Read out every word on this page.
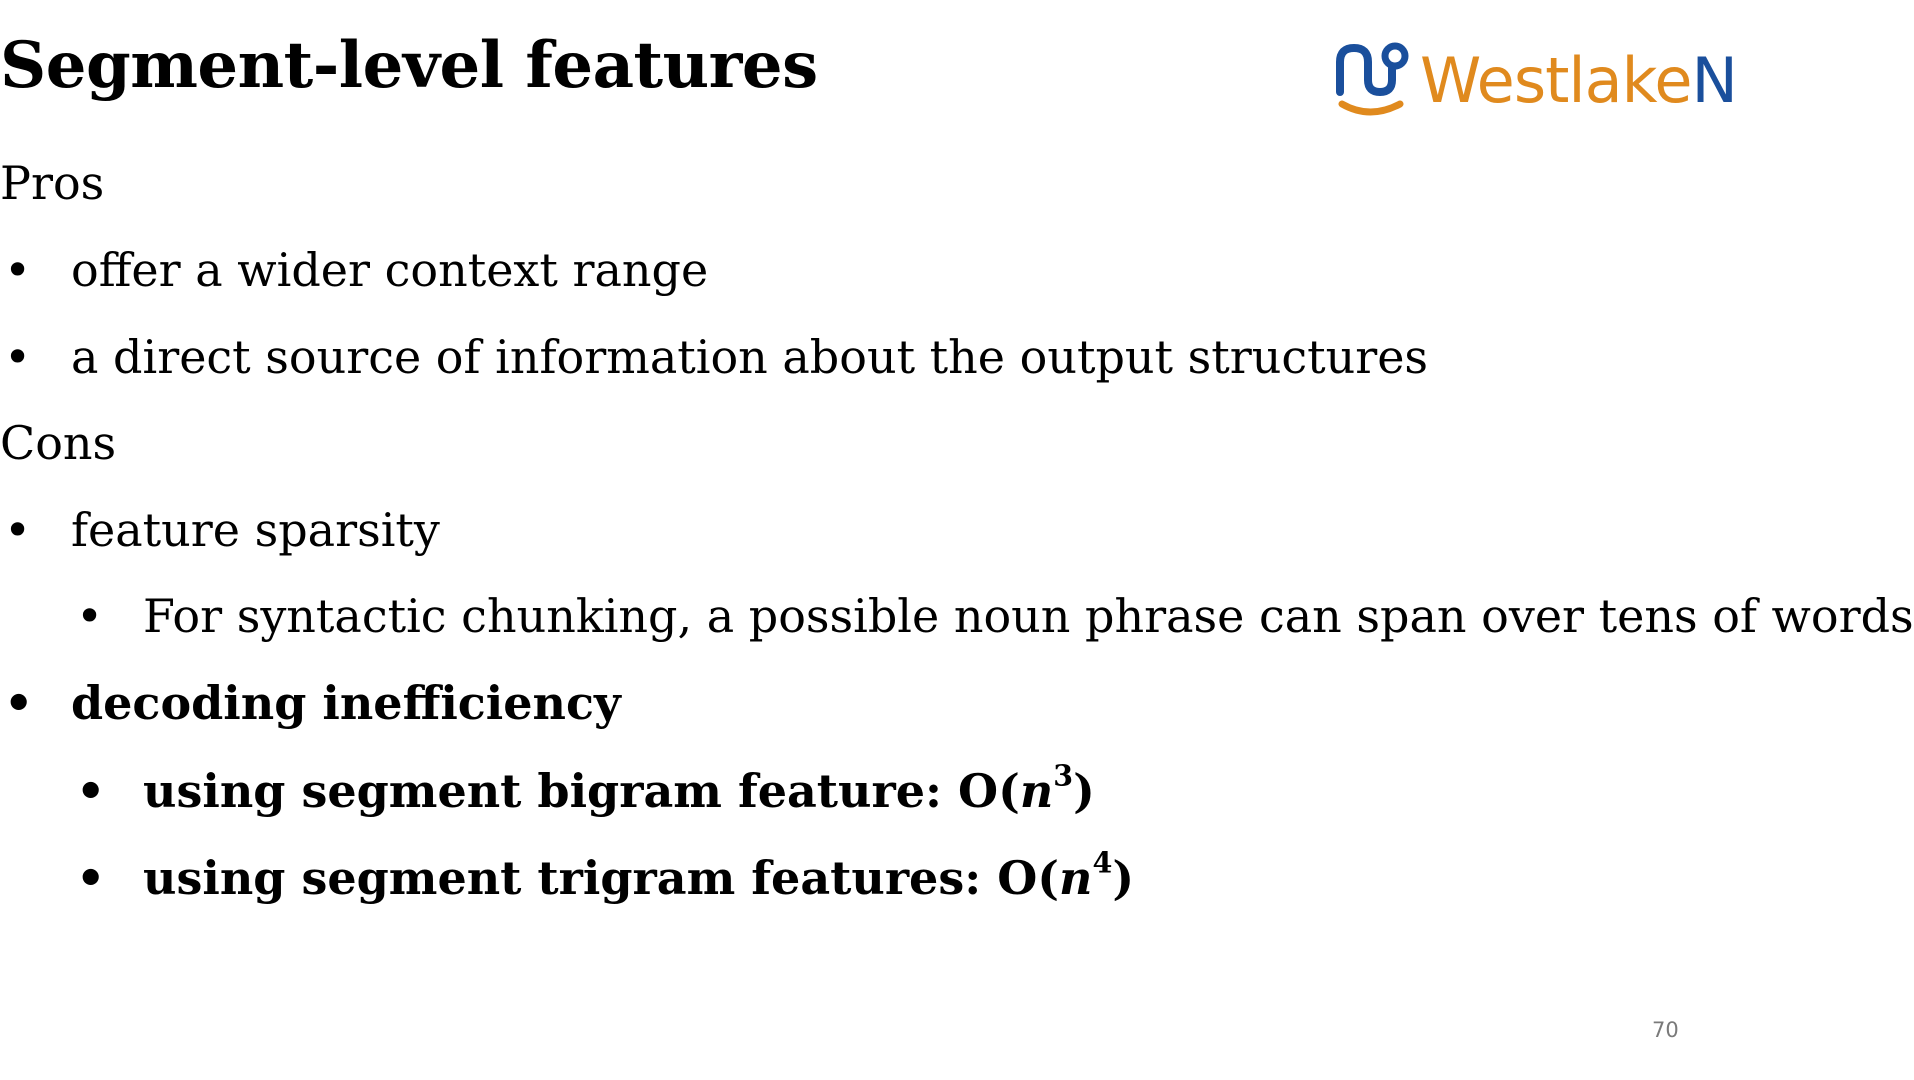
Segment-level features	WestlakeN
Pros
• offer a wider context range
• a direct source of information about the output structures
Cons
• feature sparsity
• For syntactic chunking, a possible noun phrase can span over tens of words
• decoding inefficiency
• using segment bigram feature: $O(n^3)$
• using segment trigram features: $O(n^4)$
70
